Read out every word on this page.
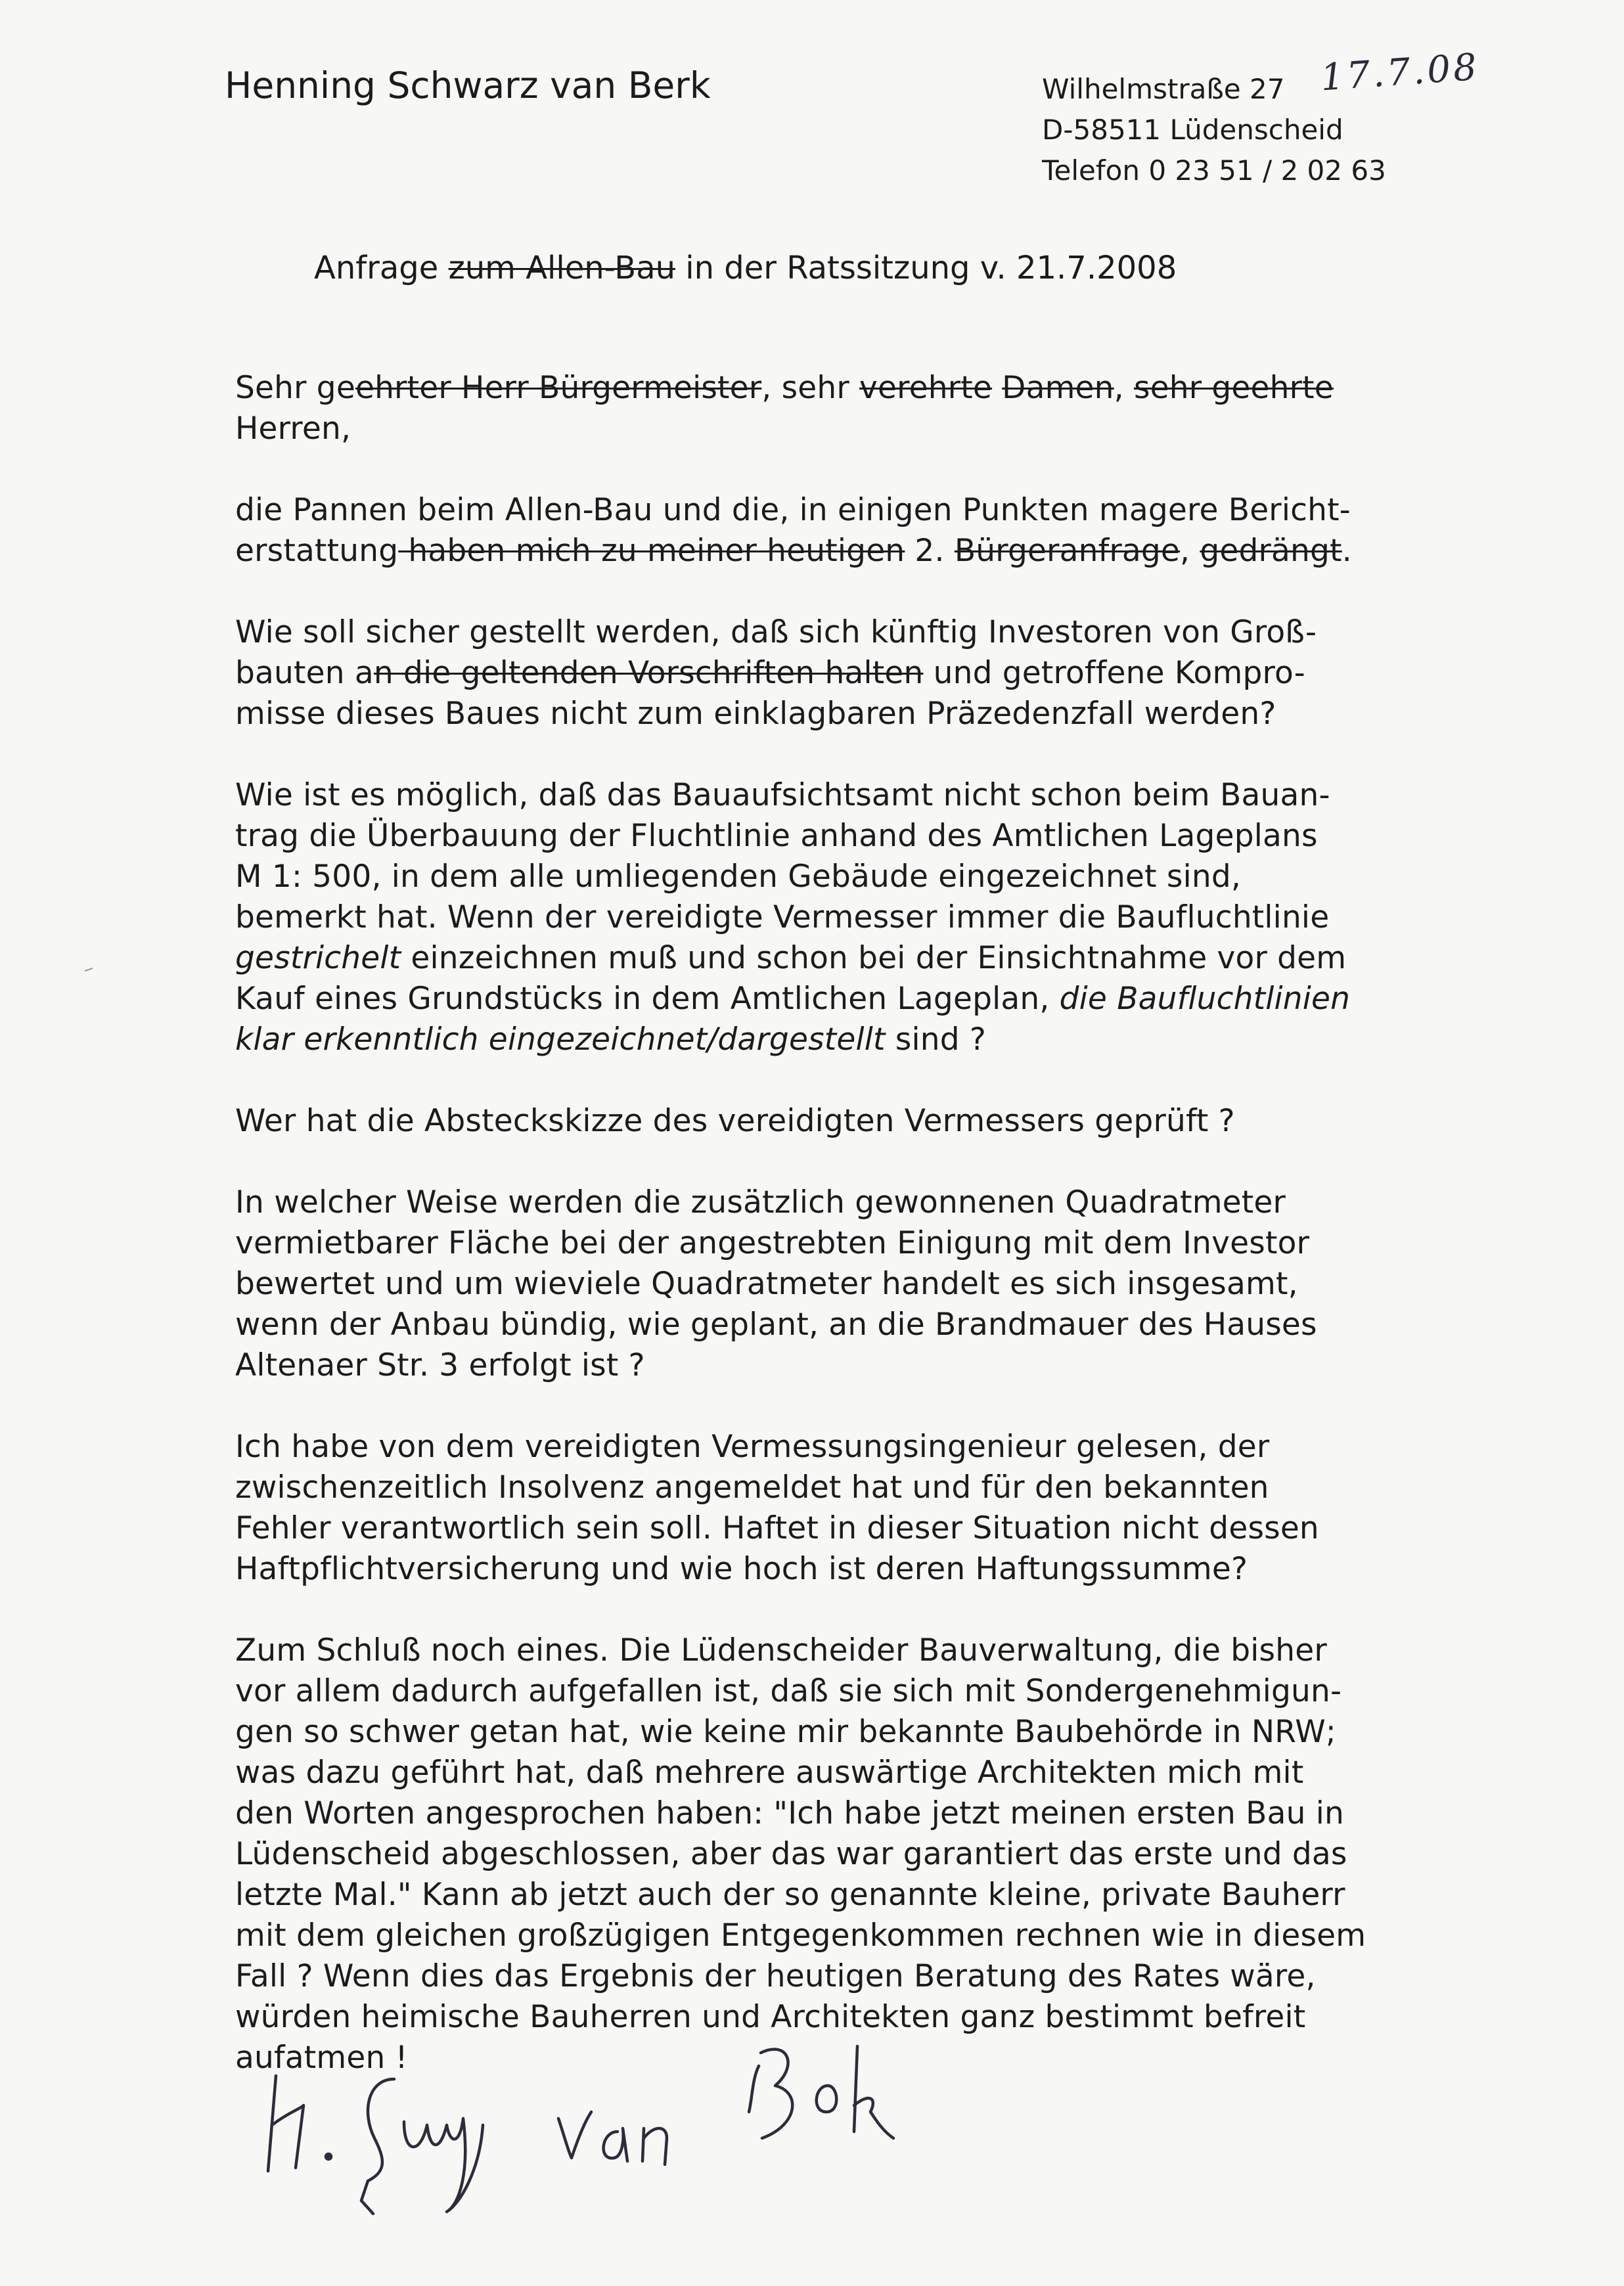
Henning Schwarz van Berk	Wilhelmstraße 27
D-58511 Lüdenscheid
Telefon 0 23 51 / 2 02 63
17.7.08
Anfrage zum Allen-Bau in der Ratssitzung v. 21.7.2008

Sehr geehrter Herr Bürgermeister, sehr verehrte Damen, sehr geehrte
Herren,

die Pannen beim Allen-Bau und die, in einigen Punkten magere Bericht-
erstattung haben mich zu meiner heutigen 2. Bürgeranfrage, gedrängt.

Wie soll sicher gestellt werden, daß sich künftig Investoren von Groß-
bauten an die geltenden Vorschriften halten und getroffene Kompro-
misse dieses Baues nicht zum einklagbaren Präzedenzfall werden?

Wie ist es möglich, daß das Bauaufsichtsamt nicht schon beim Bauan-
trag die Überbauung der Fluchtlinie anhand des Amtlichen Lageplans
M 1: 500, in dem alle umliegenden Gebäude eingezeichnet sind,
bemerkt hat. Wenn der vereidigte Vermesser immer die Baufluchtlinie
gestrichelt einzeichnen muß und schon bei der Einsichtnahme vor dem
Kauf eines Grundstücks in dem Amtlichen Lageplan, die Baufluchtlinien
klar erkenntlich eingezeichnet/dargestellt sind ?

Wer hat die Absteckskizze des vereidigten Vermessers geprüft ?

In welcher Weise werden die zusätzlich gewonnenen Quadratmeter
vermietbarer Fläche bei der angestrebten Einigung mit dem Investor
bewertet und um wieviele Quadratmeter handelt es sich insgesamt,
wenn der Anbau bündig, wie geplant, an die Brandmauer des Hauses
Altenaer Str. 3 erfolgt ist ?

Ich habe von dem vereidigten Vermessungsingenieur gelesen, der
zwischenzeitlich Insolvenz angemeldet hat und für den bekannten
Fehler verantwortlich sein soll. Haftet in dieser Situation nicht dessen
Haftpflichtversicherung und wie hoch ist deren Haftungssumme?

Zum Schluß noch eines. Die Lüdenscheider Bauverwaltung, die bisher
vor allem dadurch aufgefallen ist, daß sie sich mit Sondergenehmigun-
gen so schwer getan hat, wie keine mir bekannte Baubehörde in NRW;
was dazu geführt hat, daß mehrere auswärtige Architekten mich mit
den Worten angesprochen haben: "Ich habe jetzt meinen ersten Bau in
Lüdenscheid abgeschlossen, aber das war garantiert das erste und das
letzte Mal." Kann ab jetzt auch der so genannte kleine, private Bauherr
mit dem gleichen großzügigen Entgegenkommen rechnen wie in diesem
Fall ? Wenn dies das Ergebnis der heutigen Beratung des Rates wäre,
würden heimische Bauherren und Architekten ganz bestimmt befreit
aufatmen !
